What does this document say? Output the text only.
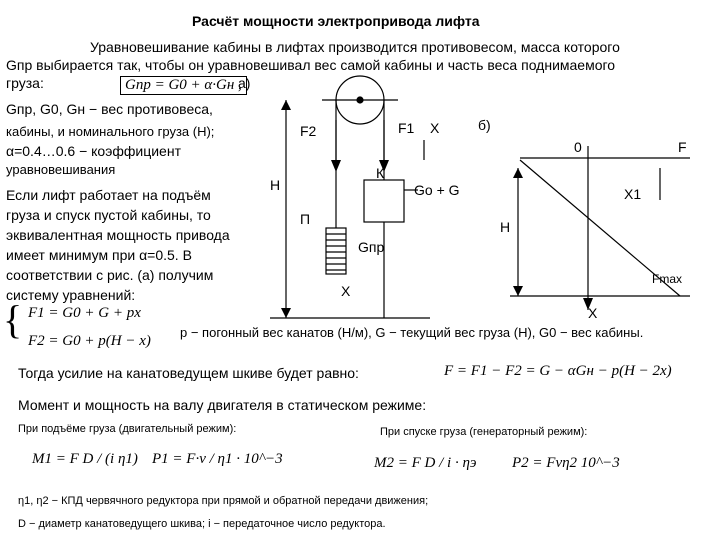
Расчёт мощности электропривода лифта
Уравновешивание кабины в лифтах производится противовесом, масса которого
Gпр выбирается так, чтобы он уравновешивал вес самой кабины и часть веса поднимаемого
груза:	Gпр = G0 + α·Gн ,
Gпр, G0, Gн − вес противовеса,
кабины, и номинального груза (Н);
α=0.4…0.6 − коэффициент
уравновешивания
Если лифт работает на подъём
груза и спуск пустой кабины, то
эквивалентная мощность привода
имеет минимум при α=0.5. В
соответствии с рис. (а) получим
систему уравнений:
{ F1 = G0 + G + px
F2 = G0 + p(H − x)
а)
F2	F1 X
H
К
П
Gо + G
Gпр
X
б)
0	F
X1
H
Fmax
X
p − погонный вес канатов (Н/м), G − текущий вес груза (Н), G0 − вес кабины.
Тогда усилие на канатоведущем шкиве будет равно:	F = F1 − F2 = G − αGн − p(H − 2x)
Момент и мощность на валу двигателя в статическом режиме:
При подъёме груза (двигательный режим):
M1 = F D / (i η1) P1 = F·v / η1 · 10^−3
При спуске груза (генераторный режим):
M2 = F D / i · ηэ P2 = Fvη2 10^−3
η1, η2 − КПД червячного редуктора при прямой и обратной передачи движения;
D − диаметр канатоведущего шкива; i − передаточное число редуктора.
